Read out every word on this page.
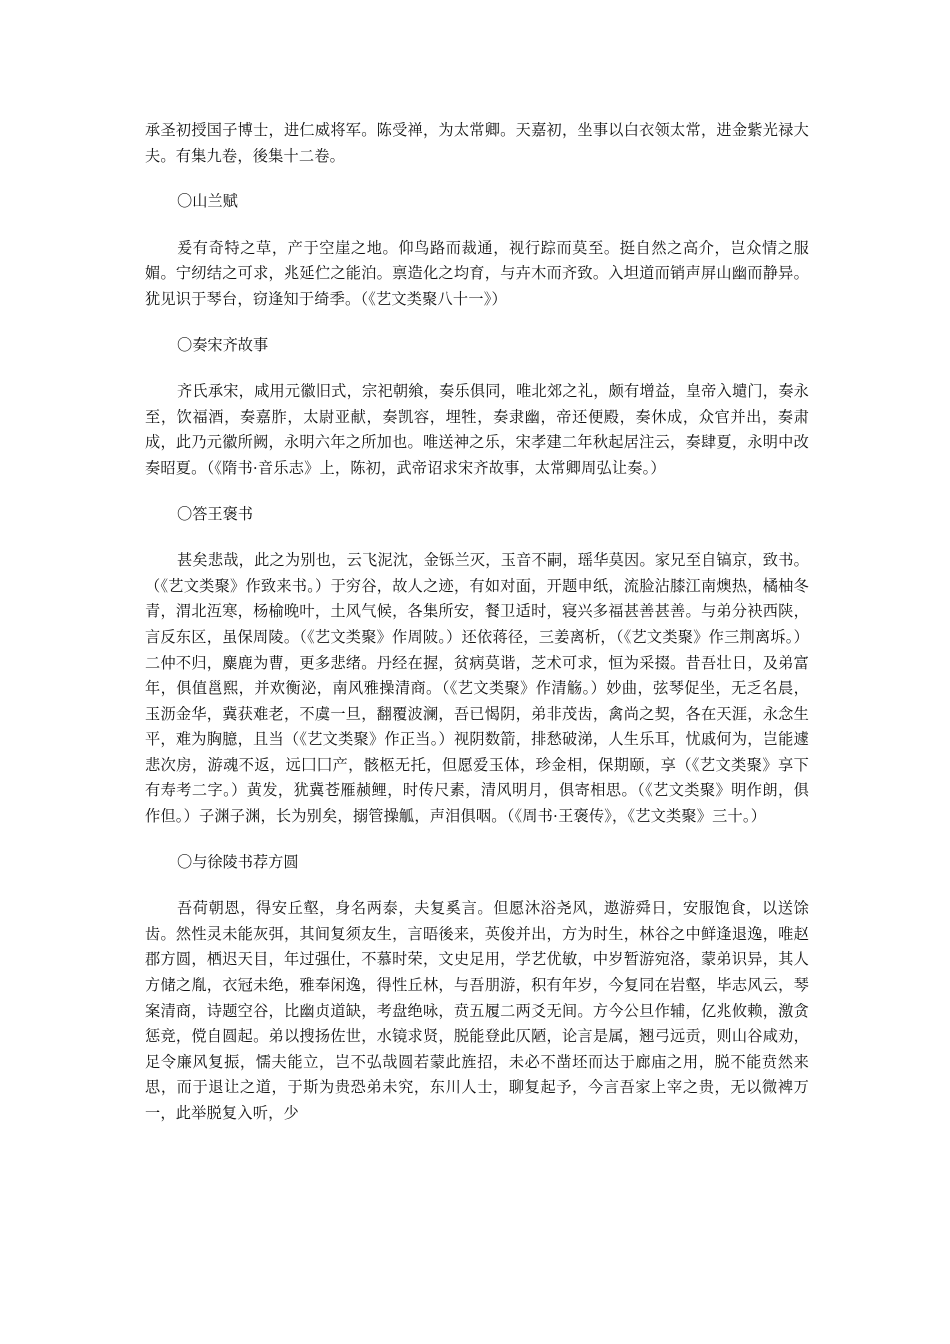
承圣初授国子博士，进仁威将军。陈受禅，为太常卿。天嘉初，坐事以白衣领太常，进金紫光禄大夫。有集九卷，後集十二卷。

〇山兰赋

爰有奇特之草，产于空崖之地。仰鸟路而裁通，视行踪而莫至。挺自然之高介，岂众情之服媚。宁纫结之可求，兆延伫之能泊。禀造化之均育，与卉木而齐致。入坦道而销声屏山幽而静异。犹见识于琴台，窃逢知于绮季。（《艺文类聚八十一》）

〇奏宋齐故事

齐氏承宋，咸用元徽旧式，宗祀朝飨，奏乐俱同，唯北郊之礼，颇有增益，皇帝入壝门，奏永至，饮福酒，奏嘉胙，太尉亚献，奏凯容，埋牲，奏隶幽，帝还便殿，奏休成，众官并出，奏肃成，此乃元徽所阙，永明六年之所加也。唯送神之乐，宋孝建二年秋起居注云，奏肆夏，永明中改奏昭夏。（《隋书·音乐志》上，陈初，武帝诏求宋齐故事，太常卿周弘让奏。）

〇答王褒书

甚矣悲哉，此之为别也，云飞泥沈，金铄兰灭，玉音不嗣，瑶华莫因。家兄至自镐京，致书。（《艺文类聚》作致来书。）于穷谷，故人之迹，有如对面，开题申纸，流脸沾膝江南燠热，橘柚冬青，渭北沍寒，杨榆晚叶，土风气候，各集所安，餐卫适时，寝兴多福甚善甚善。与弟分袂西陕，言反东区，虽保周陵。（《艺文类聚》作周陂。）还依蒋径，三姜离析，（《艺文类聚》作三荆离坼。）二仲不归，麋鹿为曹，更多悲绪。丹经在握，贫病莫谐，芝术可求，恒为采掇。昔吾壮日，及弟富年，俱值邕熙，并欢衡泌，南风雅操清商。（《艺文类聚》作清觞。）妙曲，弦琴促坐，无乏名晨，玉沥金华，冀获难老，不虞一旦，翻覆波澜，吾已愒阴，弟非茂齿，禽尚之契，各在天涯，永念生平，难为胸臆，且当（《艺文类聚》作正当。）视阴数箭，排愁破涕，人生乐耳，忧戚何为，岂能遽悲次房，游魂不返，远囗囗产，骸柩无托，但愿爱玉体，珍金相，保期颐，享（《艺文类聚》享下有寿考二字。）黄发，犹冀苍雁赪鲤，时传尺素，清风明月，俱寄相思。（《艺文类聚》明作朗，俱作但。）子渊子渊，长为别矣，搦管操觚，声泪俱咽。（《周书·王褒传》，《艺文类聚》三十。）

〇与徐陵书荐方圆

吾荷朝恩，得安丘壑，身名两泰，夫复奚言。但愿沐浴尧风，遨游舜日，安服饱食，以送馀齿。然性灵未能灰弭，其间复须友生，言晤後来，英俊并出，方为时生，林谷之中鲜逢退逸，唯赵郡方圆，栖迟天目，年过强仕，不慕时荣，文史足用，学艺优敏，中岁暂游宛洛，蒙弟识异，其人方储之胤，衣冠未绝，雅奉闲逸，得性丘林，与吾朋游，积有年岁，今复同在岩壑，毕志风云，琴案清商，诗题空谷，比幽贞道缺，考盘绝咏，贲五履二两爻无间。方今公旦作辅，亿兆攸赖，激贪惩竞，傥自圆起。弟以搜扬佐世，水镜求贤，脱能登此仄陋，论言是属，翘弓远贡，则山谷咸劝，足令廉风复振，懦夫能立，岂不弘哉圆若蒙此旌招，未必不凿坯而达于廊庙之用，脱不能贲然来思，而于退让之道，于斯为贵恐弟未究，东川人士，聊复起予，今言吾家上宰之贵，无以微裨万一，此举脱复入听，少
